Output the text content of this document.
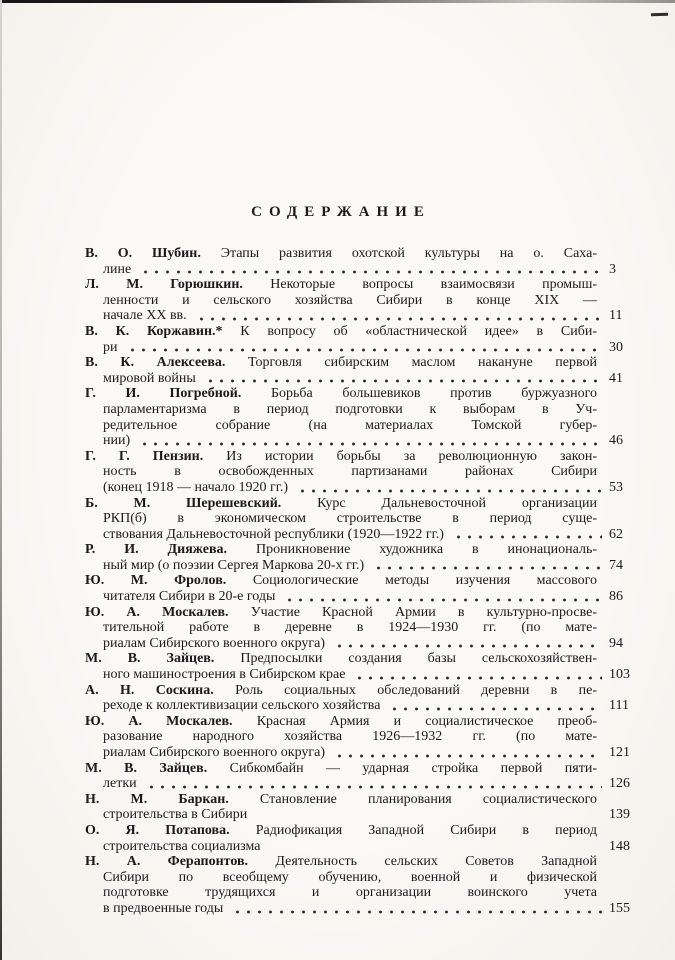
СОДЕРЖАНИЕ
В. О. Шубин. Этапы развития охотской культуры на о. Саха-
лине	3
Л. М. Горюшкин. Некоторые вопросы взаимосвязи промыш-
ленности и сельского хозяйства Сибири в конце XIX —
начале XX вв.	11
В. К. Коржавин.* К вопросу об «областнической идее» в Сиби-
ри	30
В. К. Алексеева. Торговля сибирским маслом накануне первой
мировой войны	41
Г. И. Погребной. Борьба большевиков против буржуазного
парламентаризма в период подготовки к выборам в Уч-
редительное собрание (на материалах Томской губер-
нии)	46
Г. Г. Пензин. Из истории борьбы за революционную закон-
ность в освобожденных партизанами районах Сибири
(конец 1918 — начало 1920 гг.)	53
Б. М. Шерешевский.	Курс Дальневосточной организации
РКП(б) в экономическом строительстве в период суще-
ствования Дальневосточной республики (1920—1922 гг.)	62
Р. И. Дияжева. Проникновение художника в инонациональ-
ный мир (о поэзии Сергея Маркова 20-х гг.)	74
Ю. М. Фролов. Социологические методы изучения массового
читателя Сибири в 20-е годы	86
Ю. А. Москалев. Участие Красной Армии в культурно-просве-
тительной работе в деревне в 1924—1930 гг. (по мате-
риалам Сибирского военного округа)	94
М. В. Зайцев. Предпосылки создания базы сельскохозяйствен-
ного машиностроения в Сибирском крае	103
А. Н. Соскина. Роль социальных обследований деревни в пе-
реходе к коллективизации сельского хозяйства	111
Ю. А. Москалев. Красная Армия и социалистическое преоб-
разование народного хозяйства 1926—1932 гг. (по мате-
риалам Сибирского военного округа)	121
М. В. Зайцев. Сибкомбайн — ударная стройка первой пяти-
летки	126
Н. М. Баркан. Становление планирования социалистического
строительства в Сибири	139
О. Я. Потапова. Радиофикация Западной Сибири в период
строительства социализма	148
Н. А. Ферапонтов. Деятельность сельских Советов Западной
Сибири по всеобщему обучению, военной и физической
подготовке трудящихся и организации воинского учета
в предвоенные годы	155
